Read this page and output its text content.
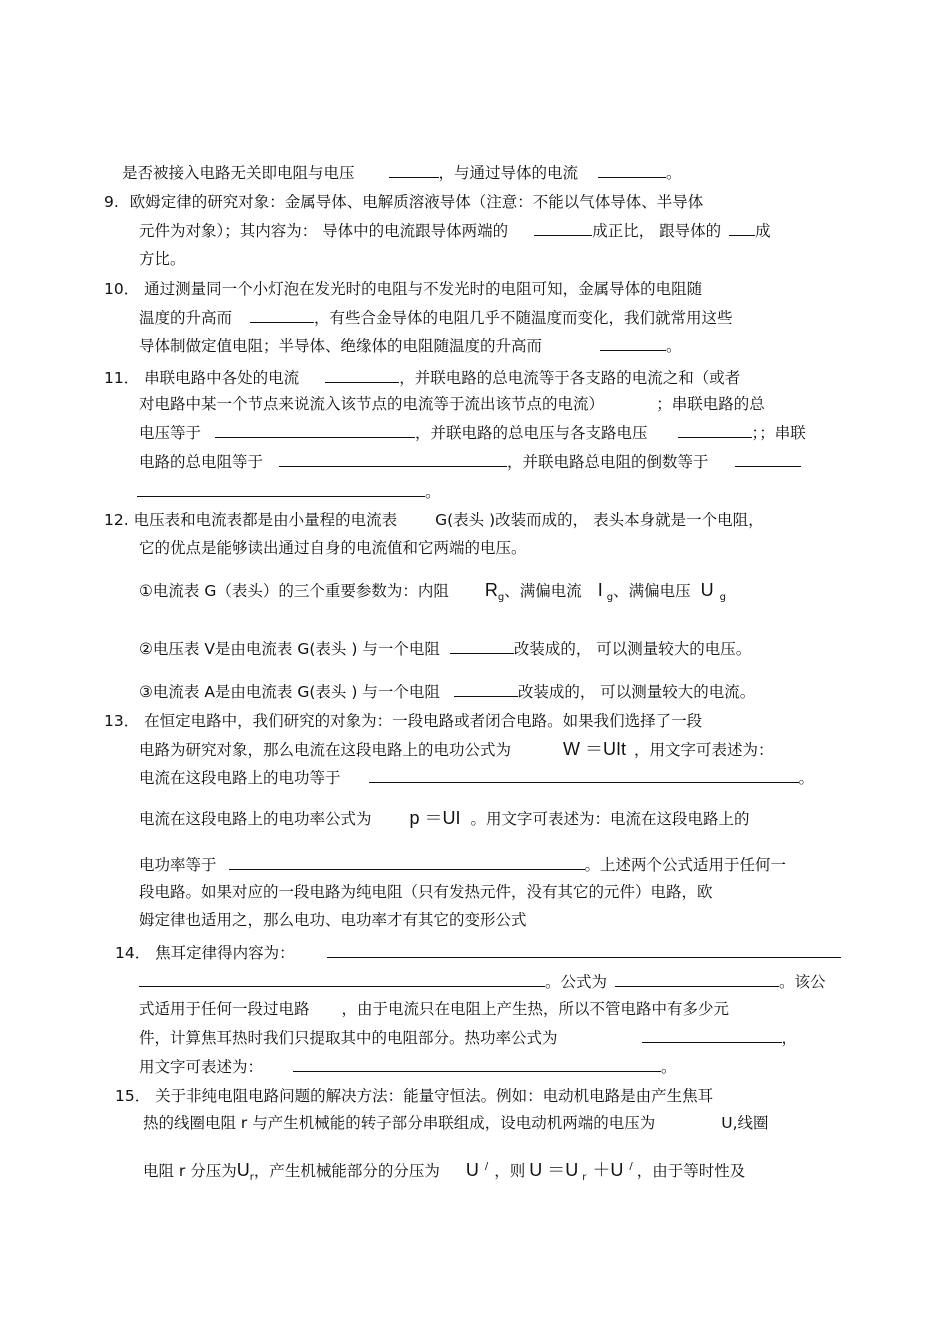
是否被接入电路无关即电阻与电压	，与通过导体的电流	。
9. 欧姆定律的研究对象：金属导体、电解质溶液导体（注意：不能以气体导体、半导体
元件为对象）；其内容为： 导体中的电流跟导体两端的	成正比， 跟导体的 成
方比。
10． 通过测量同一个小灯泡在发光时的电阻与不发光时的电阻可知，金属导体的电阻随
温度的升高而	，有些合金导体的电阻几乎不随温度而变化，我们就常用这些
导体制做定值电阻；半导体、绝缘体的电阻随温度的升高而	。
11． 串联电路中各处的电流	，并联电路的总电流等于各支路的电流之和（或者
对电路中某一个节点来说流入该节点的电流等于流出该节点的电流）	；串联电路的总
电压等于	，并联电路的总电压与各支路电压	；；串联
电路的总电阻等于	，并联电路总电阻的倒数等于
。
12. 电压表和电流表都是由小量程的电流表 G(表头 )改装而成的， 表头本身就是一个电阻，
它的优点是能够读出通过自身的电流值和它两端的电压。
①电流表 G（表头）的三个重要参数为：内阻 $R_g$、满偏电流 I $_g$、满偏电压 U $_g$
②电压表 V是由电流表 G(表头 ) 与一个电阻	改装成的， 可以测量较大的电压。
③电流表 A是由电流表 G(表头 ) 与一个电阻	改装成的， 可以测量较大的电流。
13． 在恒定电路中，我们研究的对象为：一段电路或者闭合电路。如果我们选择了一段
电路为研究对象，那么电流在这段电路上的电功公式为	W ＝UIt ，用文字可表述为：
电流在这段电路上的电功等于	。
电流在这段电路上的电功率公式为 p ＝UI 。用文字可表述为：电流在这段电路上的
电功率等于	。上述两个公式适用于任何一
段电路。如果对应的一段电路为纯电阻（只有发热元件，没有其它的元件）电路，欧
姆定律也适用之，那么电功、电功率才有其它的变形公式
14． 焦耳定律得内容为：
。公式为	。该公
式适用于任何一段过电路 ，由于电流只在电阻上产生热，所以不管电路中有多少元
件，计算焦耳热时我们只提取其中的电阻部分。热功率公式为	，
用文字可表述为：	。
15． 关于非纯电阻电路问题的解决方法：能量守恒法。例如：电动机电路是由产生焦耳
热的线圈电阻 r 与产生机械能的转子部分串联组成，设电动机两端的电压为	U,线圈
电阻 r 分压为$U_r$，产生机械能部分的分压为 U / ，则 U ＝U $_r$ ＋U / ，由于等时性及
